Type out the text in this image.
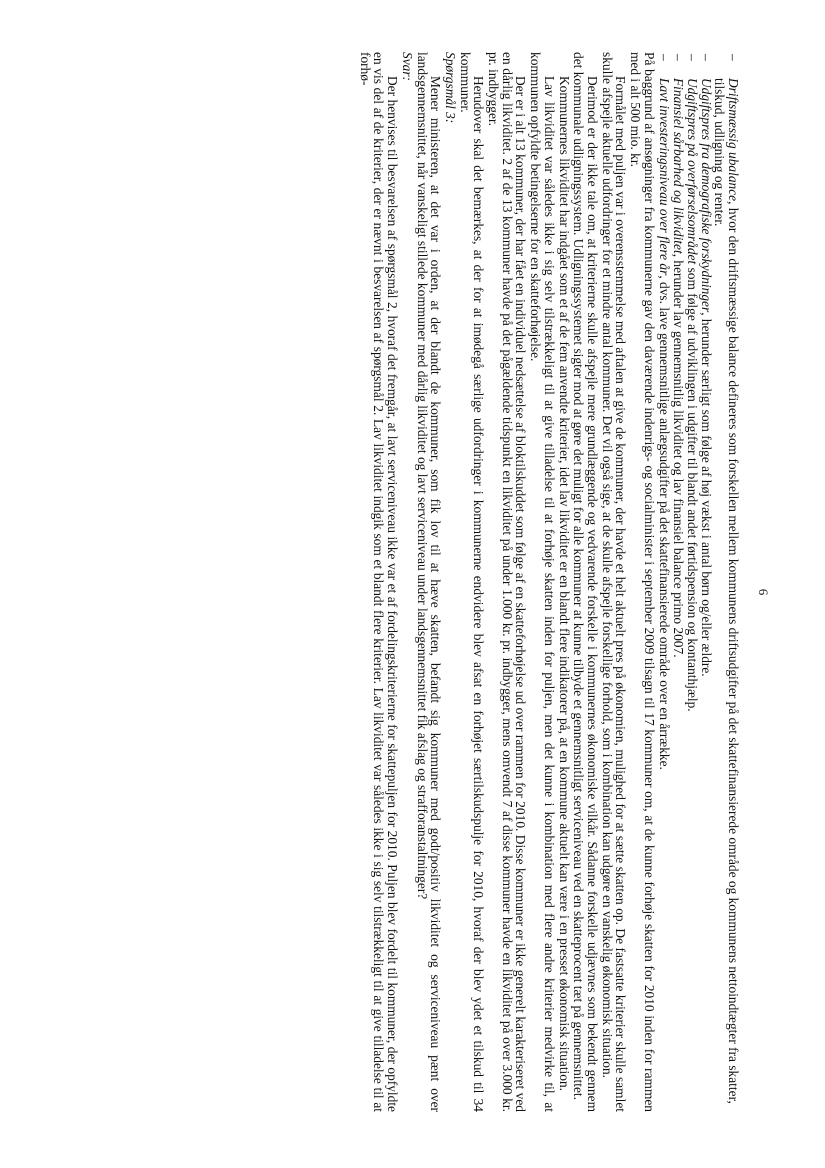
6
–
Driftsmæssig ubalance, hvor den driftsmæssige balance defineres som forskellen mellem kommunens driftsudgifter på det skattefinansierede område og kommunens nettoindtægter fra skatter, tilskud, udligning og renter.
–
Udgiftspres fra demografiske forskydninger, herunder særligt som følge af høj vækst i antal børn og/eller ældre.
–
Udgiftspres på overførselsområdet som følge af udviklingen i udgifter til blandt andet førtidspension og kontanthjælp.
–
Finansiel sårbarhed og likviditet, herunder lav gennemsnitlig likviditet og lav finansiel balance primo 2007.
–
Lavt investeringsniveau over flere år, dvs. lave gennemsnitlige anlægsudgifter på det skattefinansierede område over en årrække.

På baggrund af ansøgninger fra kommunerne gav den daværende indenrigs- og socialminister i september 2009 tilsagn til 17 kommuner om, at de kunne forhøje skatten for 2010 inden for rammen med i alt 500 mio. kr.

Formålet med puljen var i overensstemmelse med aftalen at give de kommuner, der havde et helt aktuelt pres på økonomien, mulighed for at sætte skatten op. De fastsatte kriterier skulle samlet skulle afspejle aktuelle udfordringer for et mindre antal kommuner. Det vil også sige, at de skulle afspejle forskellige forhold, som i kombination kan udgøre en vanskelig økonomisk situation.

Derimod er der ikke tale om, at kriterierne skulle afspejle mere grundlæggende og vedvarende forskelle i kommunernes økonomiske vilkår. Sådanne forskelle udjævnes som bekendt gennem det kommunale udligningssystem. Udligningssystemet sigter mod at gøre det muligt for alle kommuner at kunne tilbyde et gennemsnitligt serviceniveau ved en skatteprocent tæt på gennemsnittet.

Kommunernes likviditet har indgået som et af de fem anvendte kriterier, idet lav likviditet er en blandt flere indikatorer på, at en kommune aktuelt kan være i en presset økonomisk situation.

Lav likviditet var således ikke i sig selv tilstrækkeligt til at give tilladelse til at forhøje skatten inden for puljen, men det kunne i kombination med flere andre kriterier medvirke til, at kommunen opfyldte betingelserne for en skatteforhøjelse.

Der er i alt 13 kommuner, der har fået en individuel nedsættelse af bloktilskuddet som følge af en skatteforhøjelse ud over rammen for 2010. Disse kommuner er ikke generelt karakteriseret ved en dårlig likviditet. 2 af de 13 kommuner havde på det pågældende tidspunkt en likviditet på under 1.000 kr. pr. indbygger, mens omvendt 7 af disse kommuner havde en likviditet på over 3.000 kr. pr. indbygger.

Herudover skal det bemærkes, at der for at imødegå særlige udfordringer i kommunerne endvidere blev afsat en forhøjet særtilskudspulje for 2010, hvoraf der blev ydet et tilskud til 34 kommuner.

Spørgsmål 3:

Mener ministeren, at det var i orden, at der blandt de kommuner, som fik lov til at hæve skatten, befandt sig kommuner med godt/positiv likviditet og serviceniveau pænt over landsgennemsnittet, når vanskeligt stillede kommuner med dårlig likviditet og lavt serviceniveau under landsgennemsnittet fik afslag og strafforanstaltninger?

Svar:

Der henvises til besvarelsen af spørgsmål 2, hvoraf det fremgår, at lavt serviceniveau ikke var et af fordelingskriterierne for skattepuljen for 2010. Puljen blev fordelt til kommuner, der opfyldte en vis del af de kriterier, der er nævnt i besvarelsen af spørgsmål 2. Lav likviditet indgik som et blandt flere kriterier. Lav likviditet var således ikke i sig selv tilstrækkeligt til at give tilladelse til at forhø-
